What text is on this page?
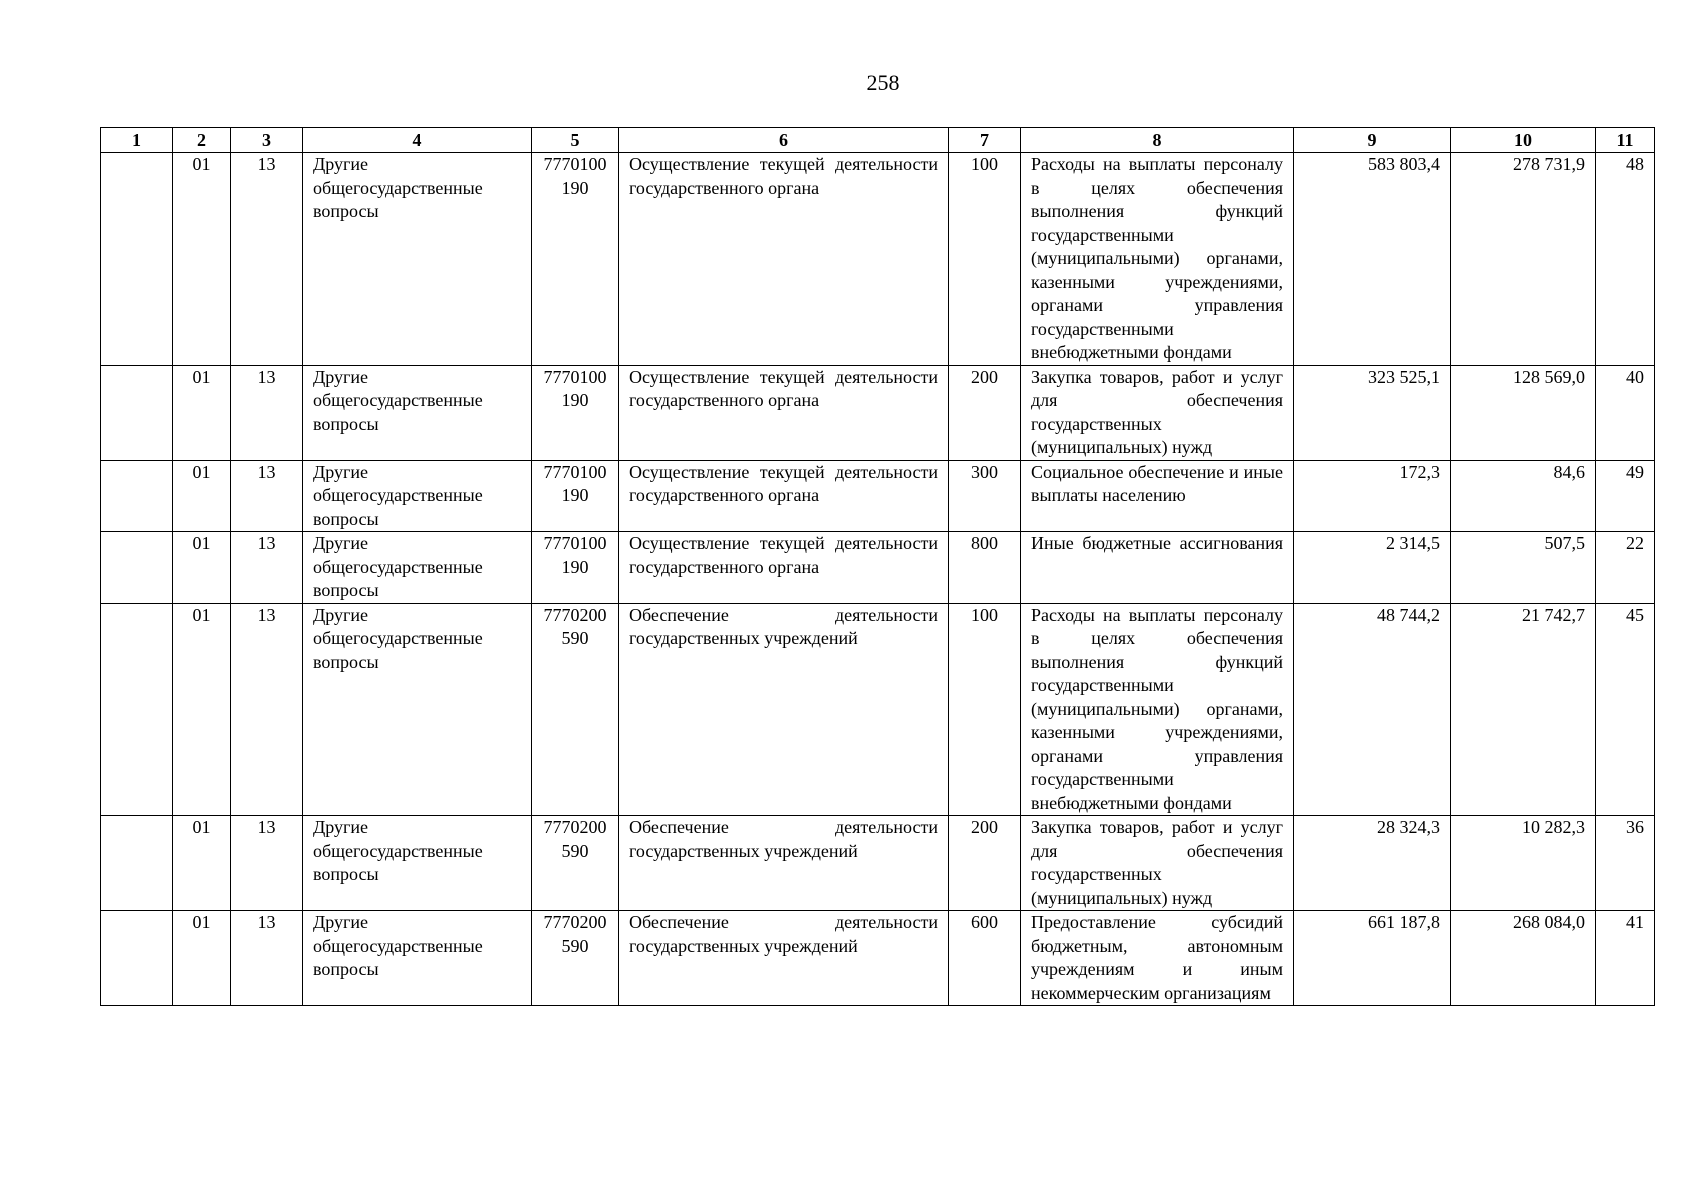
258
1	2	3	4	5	6	7	8	9	10	11
	01	13	Другие общегосударственные вопросы	7770100190	Осуществление текущей деятельности государственного органа	100	Расходы на выплаты персоналу в целях обеспечения выполнения функций государственными (муниципальными) органами, казенными учреждениями, органами управления государственными внебюджетными фондами	583 803,4	278 731,9	48
	01	13	Другие общегосударственные вопросы	7770100190	Осуществление текущей деятельности государственного органа	200	Закупка товаров, работ и услуг для обеспечения государственных (муниципальных) нужд	323 525,1	128 569,0	40
	01	13	Другие общегосударственные вопросы	7770100190	Осуществление текущей деятельности государственного органа	300	Социальное обеспечение и иные выплаты населению	172,3	84,6	49
	01	13	Другие общегосударственные вопросы	7770100190	Осуществление текущей деятельности государственного органа	800	Иные бюджетные ассигнования	2 314,5	507,5	22
	01	13	Другие общегосударственные вопросы	7770200590	Обеспечение деятельности государственных учреждений	100	Расходы на выплаты персоналу в целях обеспечения выполнения функций государственными (муниципальными) органами, казенными учреждениями, органами управления государственными внебюджетными фондами	48 744,2	21 742,7	45
	01	13	Другие общегосударственные вопросы	7770200590	Обеспечение деятельности государственных учреждений	200	Закупка товаров, работ и услуг для обеспечения государственных (муниципальных) нужд	28 324,3	10 282,3	36
	01	13	Другие общегосударственные вопросы	7770200590	Обеспечение деятельности государственных учреждений	600	Предоставление субсидий бюджетным, автономным учреждениям и иным некоммерческим организациям	661 187,8	268 084,0	41
